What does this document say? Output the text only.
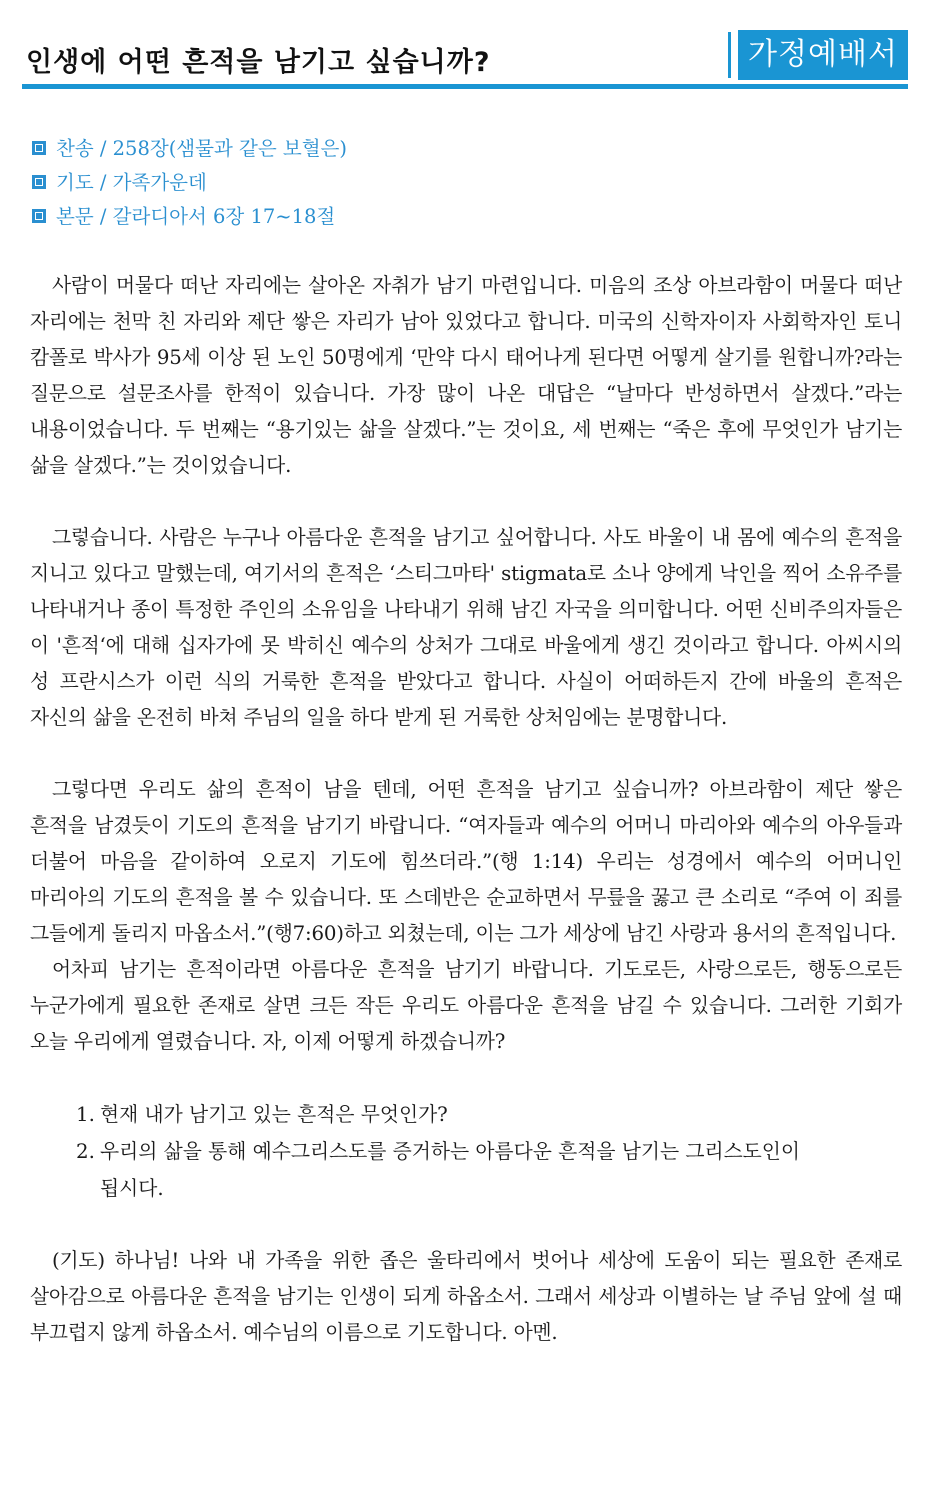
인생에 어떤 흔적을 남기고 싶습니까?	가정예배서
찬송 / 258장(샘물과 같은 보혈은)
기도 / 가족가운데
본문 / 갈라디아서 6장 17~18절

사람이 머물다 떠난 자리에는 살아온 자취가 남기 마련입니다. 미음의 조상 아브라함이 머물다 떠난 자리에는 천막 친 자리와 제단 쌓은 자리가 남아 있었다고 합니다. 미국의 신학자이자 사회학자인 토니 캄폴로 박사가 95세 이상 된 노인 50명에게 ‘만약 다시 태어나게 된다면 어떻게 살기를 원합니까?라는 질문으로 설문조사를 한적이 있습니다. 가장 많이 나온 대답은 “날마다 반성하면서 살겠다.”라는 내용이었습니다. 두 번째는 “용기있는 삶을 살겠다.”는 것이요, 세 번째는 “죽은 후에 무엇인가 남기는 삶을 살겠다.”는 것이었습니다.

그렇습니다. 사람은 누구나 아름다운 흔적을 남기고 싶어합니다. 사도 바울이 내 몸에 예수의 흔적을 지니고 있다고 말했는데, 여기서의 흔적은 ‘스티그마타' stigmata로 소나 양에게 낙인을 찍어 소유주를 나타내거나 종이 특정한 주인의 소유임을 나타내기 위해 남긴 자국을 의미합니다. 어떤 신비주의자들은 이 '흔적‘에 대해 십자가에 못 박히신 예수의 상처가 그대로 바울에게 생긴 것이라고 합니다. 아씨시의 성 프란시스가 이런 식의 거룩한 흔적을 받았다고 합니다. 사실이 어떠하든지 간에 바울의 흔적은 자신의 삶을 온전히 바쳐 주님의 일을 하다 받게 된 거룩한 상처임에는 분명합니다.

그렇다면 우리도 삶의 흔적이 남을 텐데, 어떤 흔적을 남기고 싶습니까? 아브라함이 제단 쌓은 흔적을 남겼듯이 기도의 흔적을 남기기 바랍니다. “여자들과 예수의 어머니 마리아와 예수의 아우들과 더불어 마음을 같이하여 오로지 기도에 힘쓰더라.”(행 1:14) 우리는 성경에서 예수의 어머니인 마리아의 기도의 흔적을 볼 수 있습니다. 또 스데반은 순교하면서 무릎을 꿇고 큰 소리로 “주여 이 죄를 그들에게 돌리지 마옵소서.”(행7:60)하고 외쳤는데, 이는 그가 세상에 남긴 사랑과 용서의 흔적입니다.

어차피 남기는 흔적이라면 아름다운 흔적을 남기기 바랍니다. 기도로든, 사랑으로든, 행동으로든 누군가에게 필요한 존재로 살면 크든 작든 우리도 아름다운 흔적을 남길 수 있습니다. 그러한 기회가 오늘 우리에게 열렸습니다. 자, 이제 어떻게 하겠습니까?

1. 현재 내가 남기고 있는 흔적은 무엇인가?
2. 우리의 삶을 통해 예수그리스도를 증거하는 아름다운 흔적을 남기는 그리스도인이 됩시다.

(기도) 하나님! 나와 내 가족을 위한 좁은 울타리에서 벗어나 세상에 도움이 되는 필요한 존재로 살아감으로 아름다운 흔적을 남기는 인생이 되게 하옵소서. 그래서 세상과 이별하는 날 주님 앞에 설 때 부끄럽지 않게 하옵소서. 예수님의 이름으로 기도합니다. 아멘.
